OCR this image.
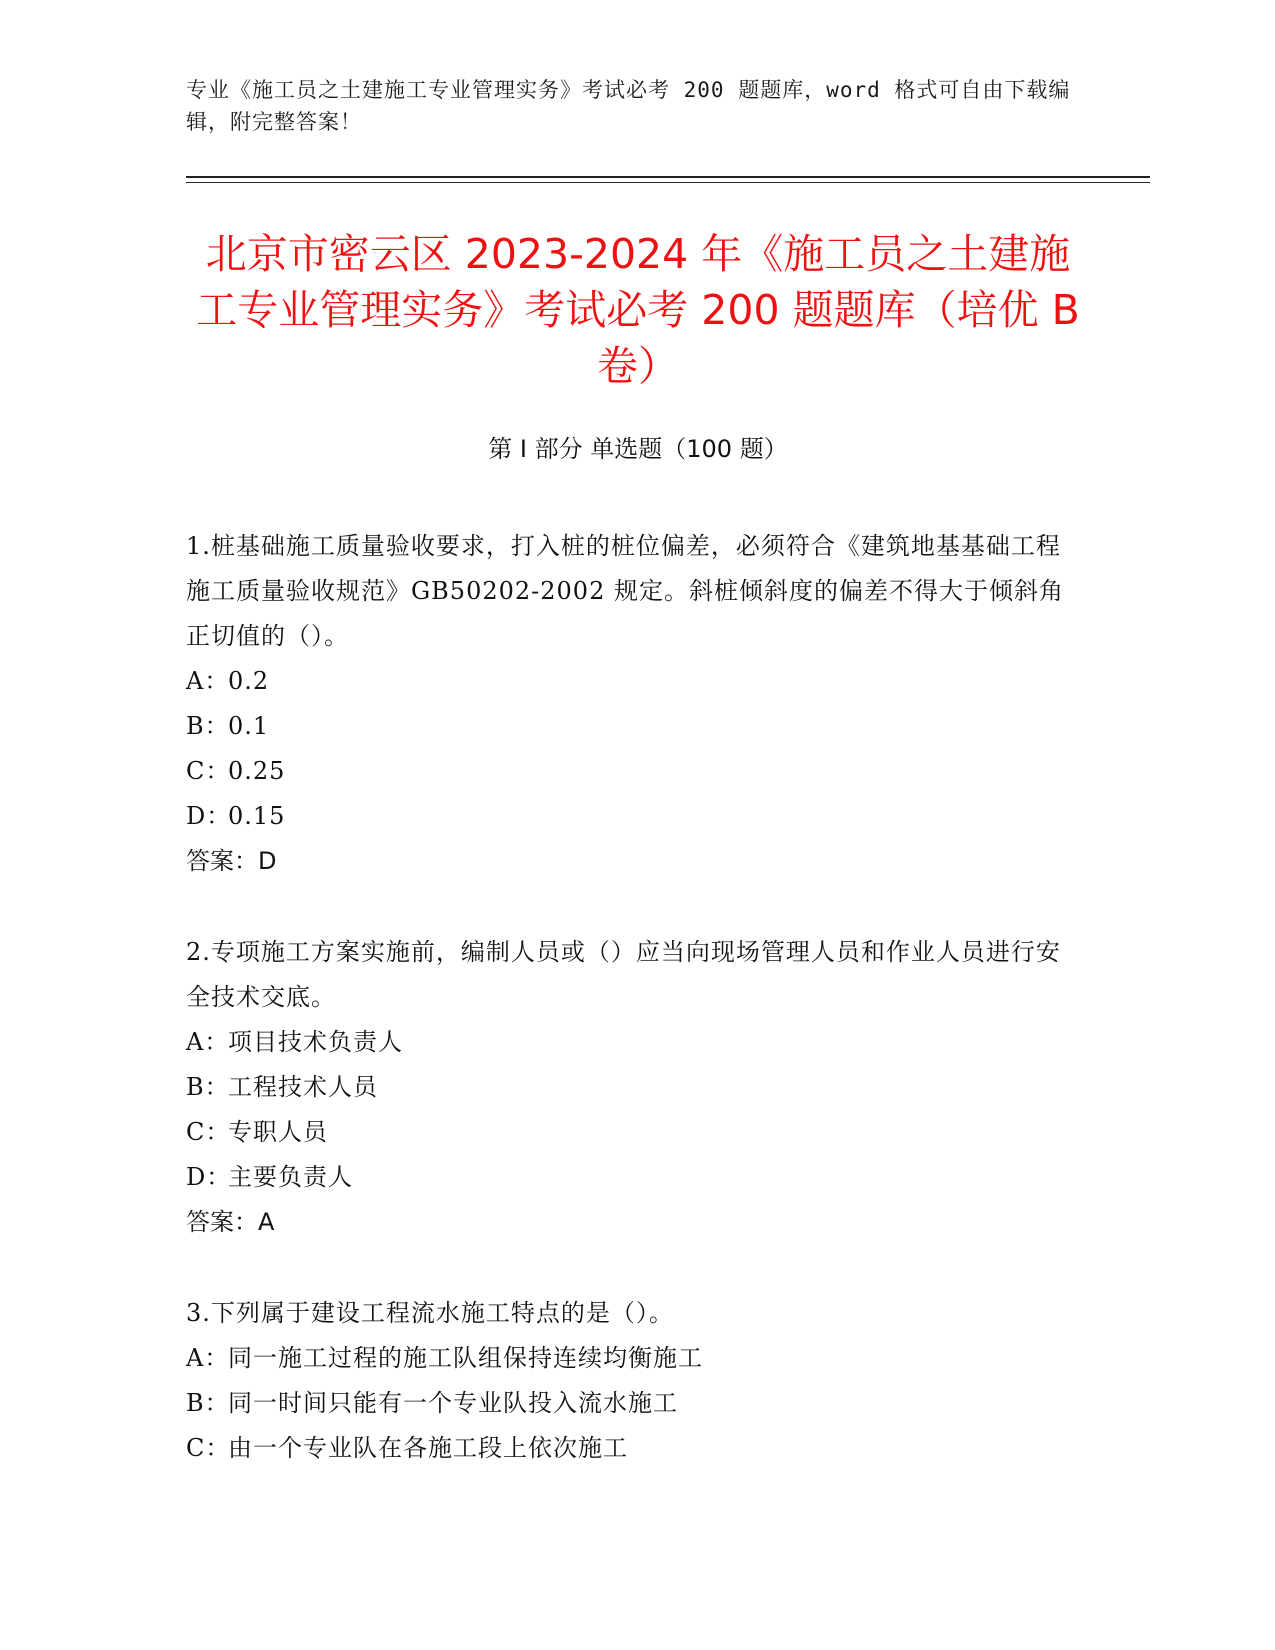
专业《施工员之土建施工专业管理实务》考试必考 200 题题库，word 格式可自由下载编辑，附完整答案！
北京市密云区 2023-2024 年《施工员之土建施工专业管理实务》考试必考 200 题题库（培优 B 卷）
第 I 部分 单选题（100 题）

1.桩基础施工质量验收要求，打入桩的桩位偏差，必须符合《建筑地基基础工程施工质量验收规范》GB50202-2002 规定。斜桩倾斜度的偏差不得大于倾斜角正切值的（）。

A：
0.2
B：
0.1
C：
0.25
D：
0.15

答案：D

2.专项施工方案实施前，编制人员或（）应当向现场管理人员和作业人员进行安全技术交底。

A：
项目技术负责人
B：
工程技术人员
C：
专职人员
D：
主要负责人

答案：A

3.下列属于建设工程流水施工特点的是（）。

A：
同一施工过程的施工队组保持连续均衡施工
B：
同一时间只能有一个专业队投入流水施工
C：
由一个专业队在各施工段上依次施工
